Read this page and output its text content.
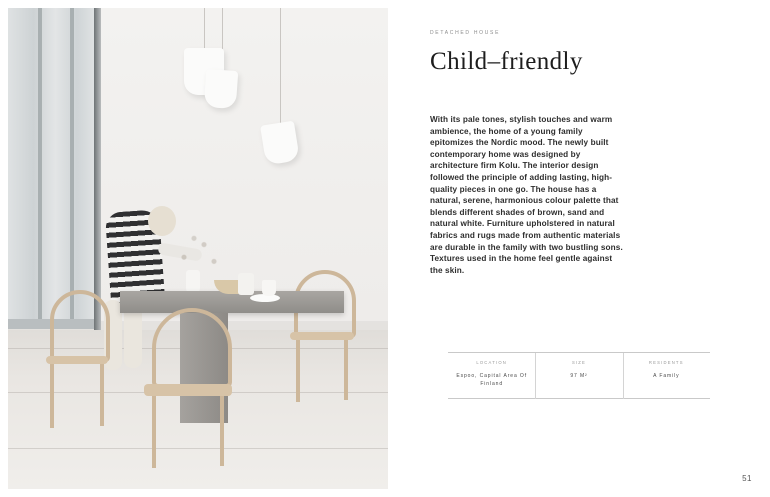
DETACHED HOUSE
Child–friendly

With its pale tones, stylish touches and warm ambience, the home of a young family epitomizes the Nordic mood. The newly built contemporary home was designed by architecture firm Kolu. The interior design followed the principle of adding lasting, high-quality pieces in one go. The house has a natural, serene, harmonious colour palette that blends different shades of brown, sand and natural white. Furniture upholstered in natural fabrics and rugs made from authentic materials are durable in the family with two bustling sons. Textures used in the home feel gentle against the skin.

LOCATION
Espoo, Capital Area Of Finland
SIZE
97 M²
RESIDENTS
A Family
51
